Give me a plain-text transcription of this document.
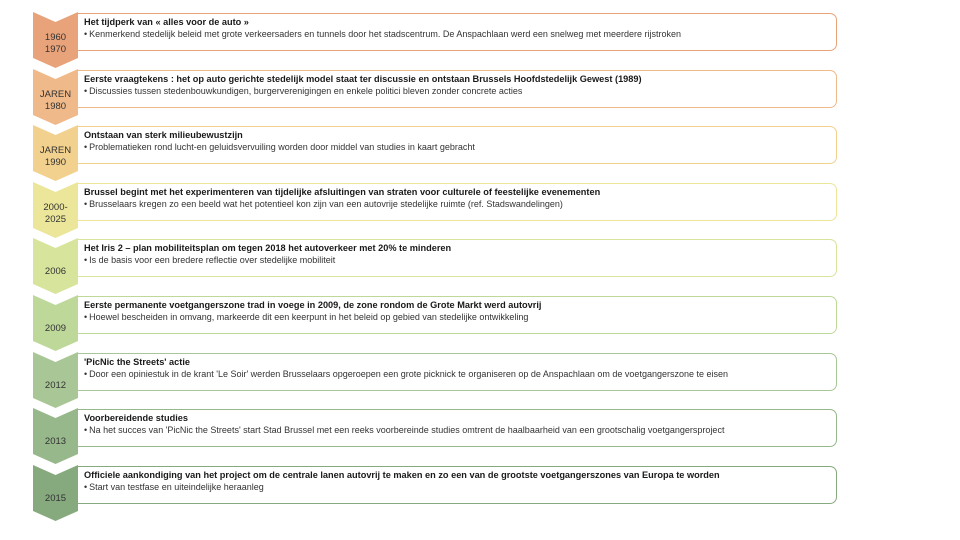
1960
1970
Het tijdperk van « alles voor de auto »
• Kenmerkend stedelijk beleid met grote verkeersaders en tunnels door het stadscentrum. De Anspachlaan werd een snelweg met meerdere rijstroken
JAREN
1980
Eerste vraagtekens : het op auto gerichte stedelijk model staat ter discussie en ontstaan Brussels Hoofdstedelijk Gewest (1989)
• Discussies tussen stedenbouwkundigen, burgerverenigingen en enkele politici bleven zonder concrete acties
JAREN
1990
Ontstaan van sterk milieubewustzijn
• Problematieken rond lucht-en geluidsvervuiling worden door middel van studies in kaart gebracht
2000-
2025
Brussel begint met het experimenteren van tijdelijke afsluitingen van straten voor culturele of feestelijke evenementen
• Brusselaars kregen zo een beeld wat het potentieel kon zijn van een autovrije stedelijke ruimte (ref. Stadswandelingen)
2006
Het Iris 2 – plan mobiliteitsplan om tegen 2018 het autoverkeer met 20% te minderen
• Is de basis voor een bredere reflectie over stedelijke mobiliteit
2009
Eerste permanente voetgangerszone trad in voege in 2009, de zone rondom de Grote Markt werd autovrij
• Hoewel bescheiden in omvang, markeerde dit een keerpunt in het beleid op gebied van stedelijke ontwikkeling
2012
'PicNic the Streets' actie
• Door een opiniestuk in de krant 'Le Soir' werden Brusselaars opgeroepen een grote picknick te organiseren op de Anspachlaan om de voetgangerszone te eisen
2013
Voorbereidende studies
• Na het succes van 'PicNic the Streets' start Stad Brussel met een reeks voorbereinde studies omtrent de haalbaarheid van een grootschalig voetgangersproject
2015
Officiele aankondiging van het project om de centrale lanen autovrij te maken en zo een van de grootste voetgangerszones van Europa te worden
• Start van testfase en uiteindelijke heraanleg
